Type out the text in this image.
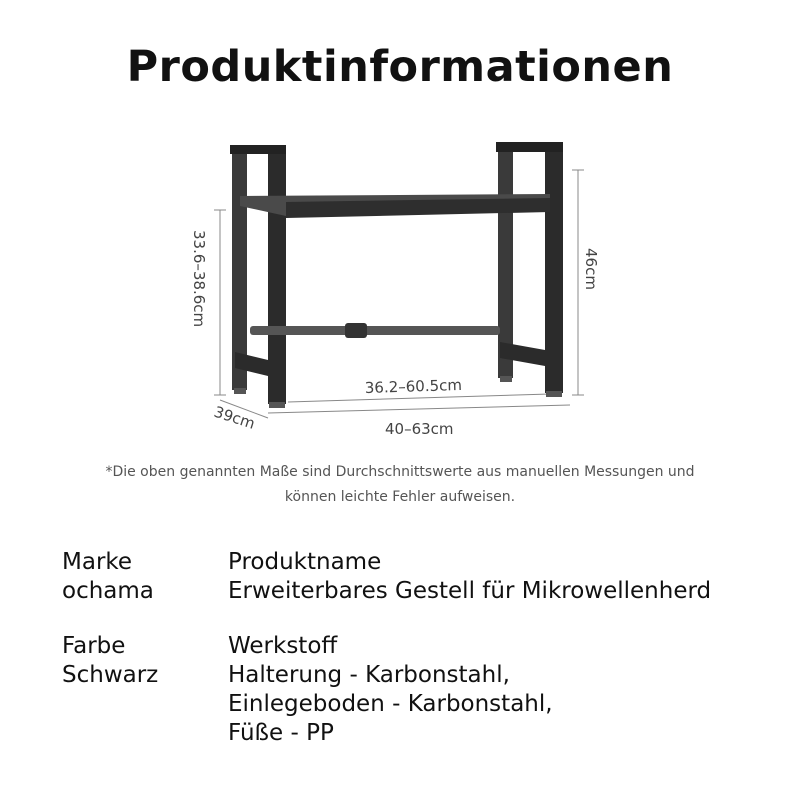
Produktinformationen
33.6–38.6cm	46cm
36.2–60.5cm
39cm	40–63cm
*Die oben genannten Maße sind Durchschnittswerte aus manuellen Messungen und
können leichte Fehler aufweisen.
Marke
ochama
Produktname
Erweiterbares Gestell für Mikrowellenherd
Farbe
Schwarz
Werkstoff
Halterung - Karbonstahl,
Einlegeboden - Karbonstahl,
Füße - PP
